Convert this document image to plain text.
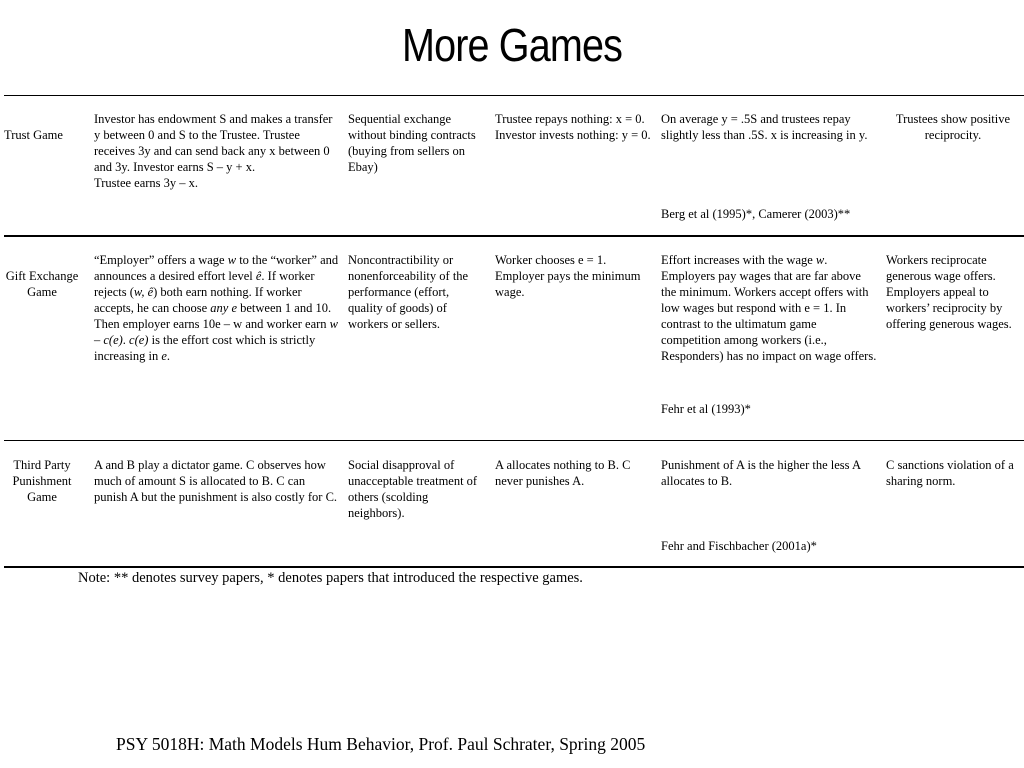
More Games
Trust Game
Investor has endowment S and makes a transfer y between 0 and S to the Trustee. Trustee receives 3y and can send back any x between 0 and 3y. Investor earns S – y + x.
Trustee earns 3y – x.
Sequential exchange without binding contracts (buying from sellers on Ebay)
Trustee repays nothing: x = 0.
Investor invests nothing: y = 0.
On average y = .5S and trustees repay slightly less than .5S. x is increasing in y.
Berg et al (1995)*, Camerer (2003)**
Trustees show positive reciprocity.
Gift Exchange Game
“Employer” offers a wage w to the “worker” and announces a desired effort level ê. If worker rejects (w, ê) both earn nothing. If worker accepts, he can choose any e between 1 and 10. Then employer earns 10e – w and worker earn w – c(e). c(e) is the effort cost which is strictly increasing in e.
Noncontractibility or nonenforceability of the performance (effort, quality of goods) of workers or sellers.
Worker chooses e = 1. Employer pays the minimum wage.
Effort increases with the wage w. Employers pay wages that are far above the minimum. Workers accept offers with low wages but respond with e = 1. In contrast to the ultimatum game competition among workers (i.e., Responders) has no impact on wage offers.
Fehr et al (1993)*
Workers reciprocate generous wage offers. Employers appeal to workers’ reciprocity by offering generous wages.
Third Party Punishment Game
A and B play a dictator game. C observes how much of amount S is allocated to B. C can punish A but the punishment is also costly for C.
Social disapproval of unacceptable treatment of others (scolding neighbors).
A allocates nothing to B. C never punishes A.
Punishment of A is the higher the less A allocates to B.
Fehr and Fischbacher (2001a)*
C sanctions violation of a sharing norm.
Note: ** denotes survey papers, * denotes papers that introduced the respective games.
PSY 5018H: Math Models Hum Behavior, Prof. Paul Schrater, Spring 2005
